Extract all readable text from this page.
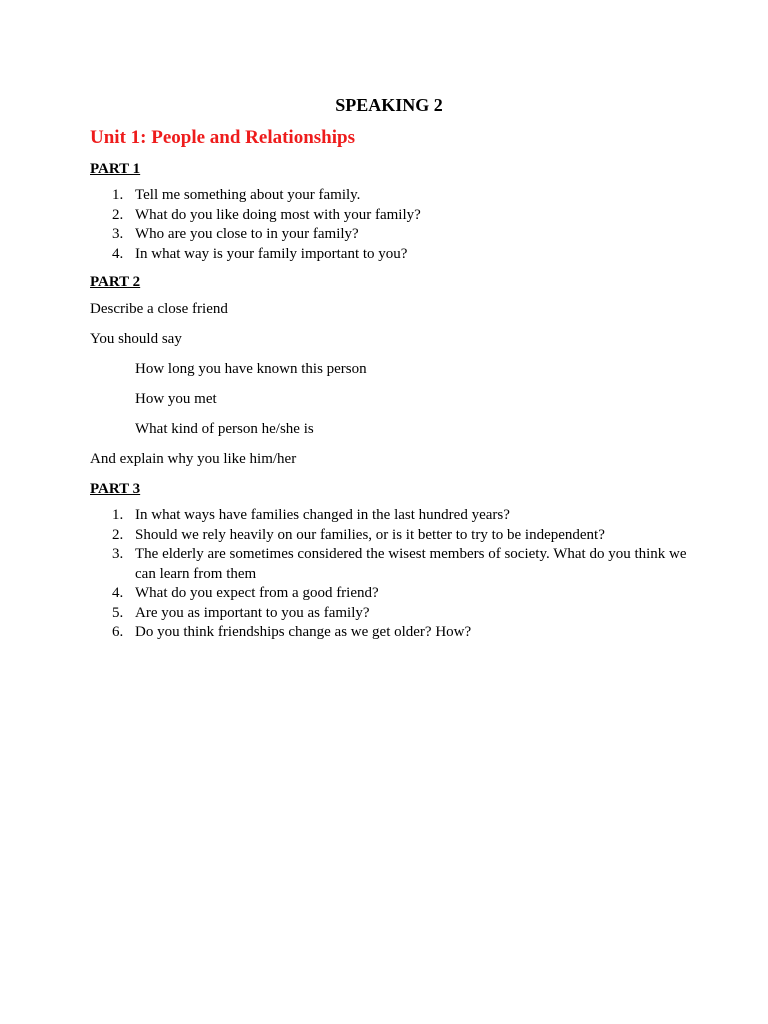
SPEAKING 2
Unit 1: People and Relationships
PART 1
1. Tell me something about your family.
2. What do you like doing most with your family?
3. Who are you close to in your family?
4. In what way is your family important to you?
PART 2
Describe a close friend
You should say
How long you have known this person
How you met
What kind of person he/she is
And explain why you like him/her
PART 3
1. In what ways have families changed in the last hundred years?
2. Should we rely heavily on our families, or is it better to try to be independent?
3. The elderly are sometimes considered the wisest members of society. What do you think we can learn from them
4. What do you expect from a good friend?
5. Are you as important to you as family?
6. Do you think friendships change as we get older? How?
